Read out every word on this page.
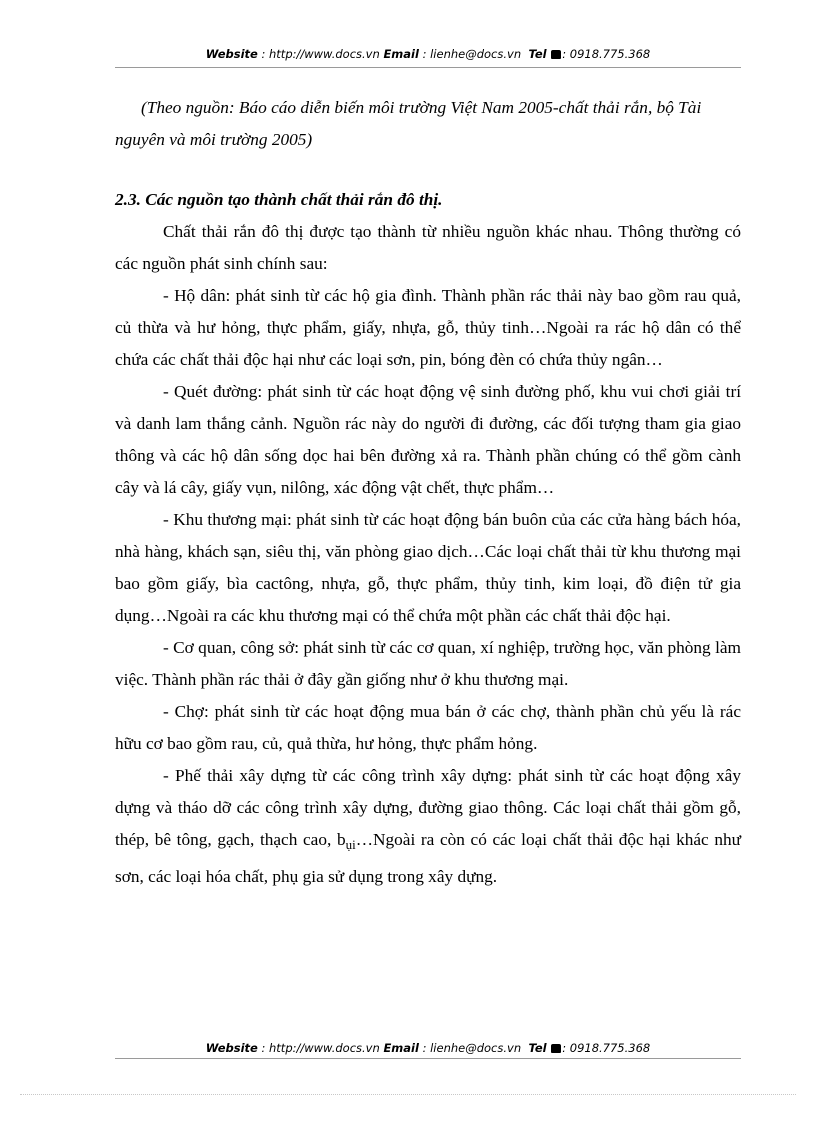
Website : http://www.docs.vn Email : lienhe@docs.vn Tel : 0918.775.368

(Theo nguồn: Báo cáo diễn biến môi trường Việt Nam 2005-chất thải rắn, bộ Tài nguyên và môi trường 2005)

2.3. Các nguồn tạo thành chất thải rắn đô thị.

Chất thải rắn đô thị được tạo thành từ nhiều nguồn khác nhau. Thông thường có các nguồn phát sinh chính sau:

- Hộ dân: phát sinh từ các hộ gia đình. Thành phần rác thải này bao gồm rau quả, củ thừa và hư hỏng, thực phẩm, giấy, nhựa, gỗ, thủy tinh…Ngoài ra rác hộ dân có thể chứa các chất thải độc hại như các loại sơn, pin, bóng đèn có chứa thủy ngân…

- Quét đường: phát sinh từ các hoạt động vệ sinh đường phố, khu vui chơi giải trí và danh lam thắng cảnh. Nguồn rác này do người đi đường, các đối tượng tham gia giao thông và các hộ dân sống dọc hai bên đường xả ra. Thành phần chúng có thể gồm cành cây và lá cây, giấy vụn, nilông, xác động vật chết, thực phẩm…

- Khu thương mại: phát sinh từ các hoạt động bán buôn của các cửa hàng bách hóa, nhà hàng, khách sạn, siêu thị, văn phòng giao dịch…Các loại chất thải từ khu thương mại bao gồm giấy, bìa cactông, nhựa, gỗ, thực phẩm, thủy tinh, kim loại, đồ điện tử gia dụng…Ngoài ra các khu thương mại có thể chứa một phần các chất thải độc hại.

- Cơ quan, công sở: phát sinh từ các cơ quan, xí nghiệp, trường học, văn phòng làm việc. Thành phần rác thải ở đây gần giống như ở khu thương mại.

- Chợ: phát sinh từ các hoạt động mua bán ở các chợ, thành phần chủ yếu là rác hữu cơ bao gồm rau, củ, quả thừa, hư hỏng, thực phẩm hỏng.

- Phế thải xây dựng từ các công trình xây dựng: phát sinh từ các hoạt động xây dựng và tháo dỡ các công trình xây dựng, đường giao thông. Các loại chất thải gồm gỗ, thép, bê tông, gạch, thạch cao, $b_{ụi}\dots Ngoài$ ra còn có các loại chất thải độc hại khác như sơn, các loại hóa chất, phụ gia sử dụng trong xây dựng.

Website : http://www.docs.vn Email : lienhe@docs.vn Tel : 0918.775.368
